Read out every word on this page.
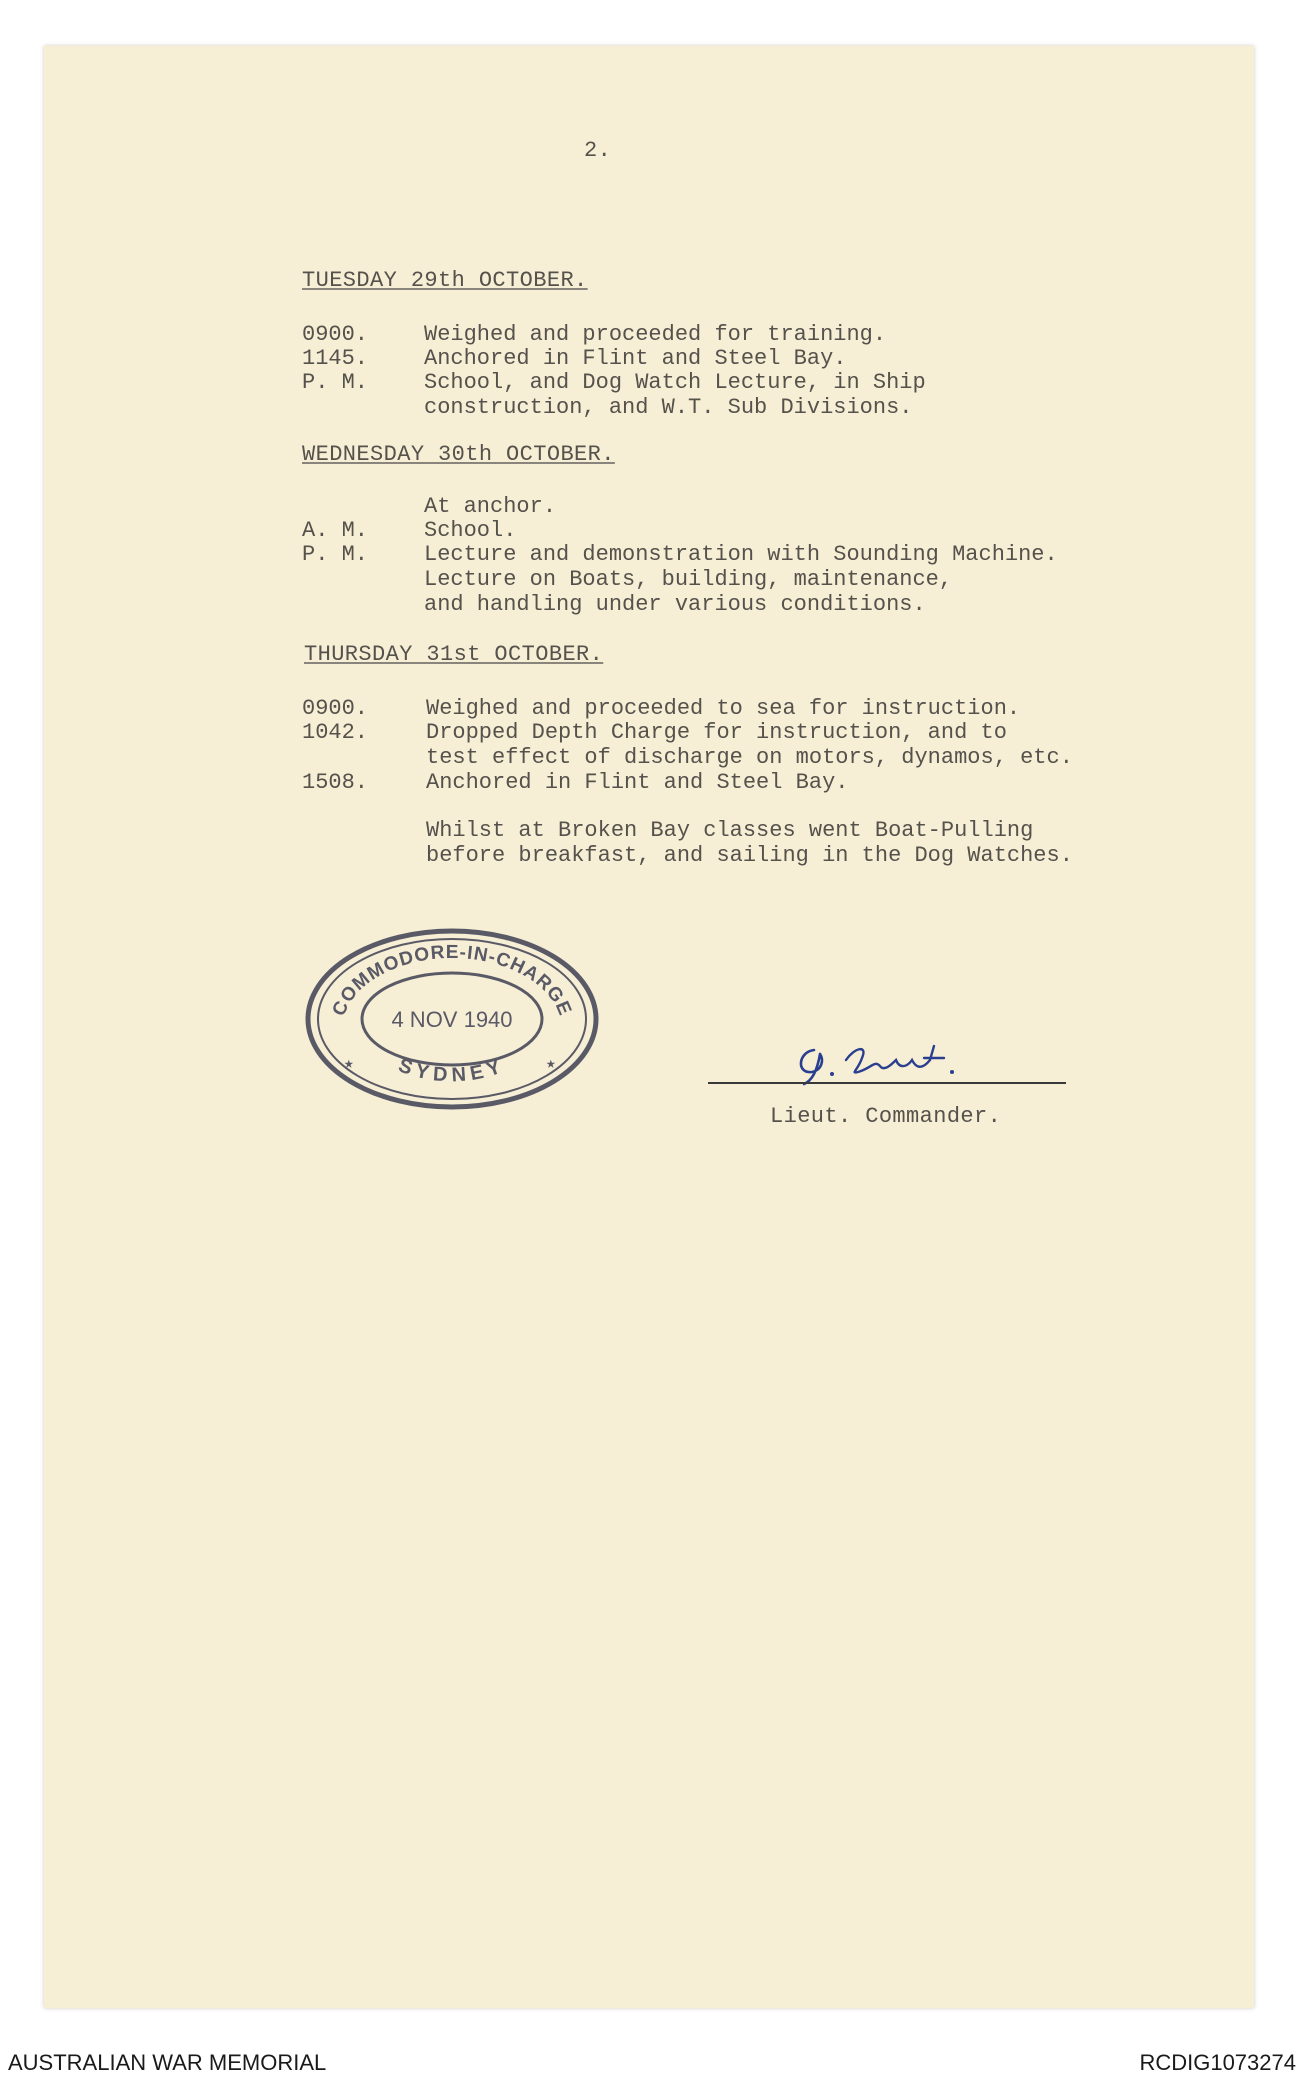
2.
TUESDAY 29th OCTOBER.
0900.	Weighed and proceeded for training.
1145.	Anchored in Flint and Steel Bay.
P. M.	School, and Dog Watch Lecture, in Ship
construction, and W.T. Sub Divisions.
WEDNESDAY 30th OCTOBER.
At anchor.
A. M.	School.
P. M.	Lecture and demonstration with Sounding Machine.
Lecture on Boats, building, maintenance,
and handling under various conditions.
THURSDAY 31st OCTOBER.
0900.	Weighed and proceeded to sea for instruction.
1042.	Dropped Depth Charge for instruction, and to
test effect of discharge on motors, dynamos, etc.
1508.	Anchored in Flint and Steel Bay.
Whilst at Broken Bay classes went Boat-Pulling
before breakfast, and sailing in the Dog Watches.
COMMODORE-IN-CHARGE
4 NOV 1940
SYDNEY
★	★
Lieut. Commander.
AUSTRALIAN WAR MEMORIAL	RCDIG1073274
